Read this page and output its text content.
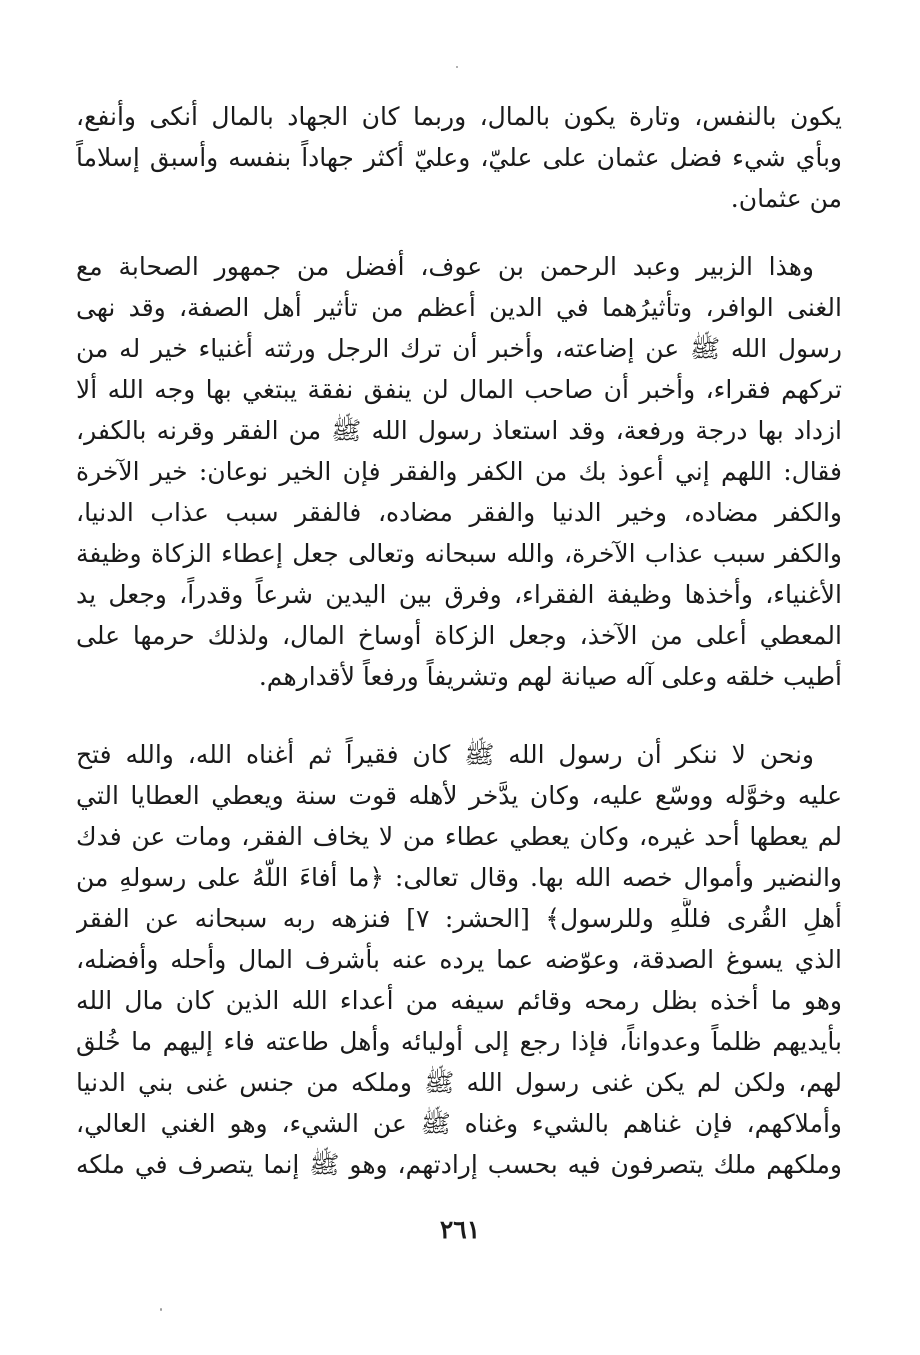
يكون بالنفس، وتارة يكون بالمال، وربما كان الجهاد بالمال أنكى وأنفع،
وبأي شيء فضل عثمان على عليّ، وعليّ أكثر جهاداً بنفسه وأسبق إسلاماً
من عثمان.
وهذا الزبير وعبد الرحمن بن عوف، أفضل من جمهور الصحابة مع
الغنى الوافر، وتأثيرُهما في الدين أعظم من تأثير أهل الصفة، وقد نهى
رسول الله ﷺ عن إضاعته، وأخبر أن ترك الرجل ورثته أغنياء خير له من
تركهم فقراء، وأخبر أن صاحب المال لن ينفق نفقة يبتغي بها وجه الله ألا
ازداد بها درجة ورفعة، وقد استعاذ رسول الله ﷺ من الفقر وقرنه بالكفر،
فقال: اللهم إني أعوذ بك من الكفر والفقر فإن الخير نوعان: خير الآخرة
والكفر مضاده، وخير الدنيا والفقر مضاده، فالفقر سبب عذاب الدنيا،
والكفر سبب عذاب الآخرة، والله سبحانه وتعالى جعل إعطاء الزكاة وظيفة
الأغنياء، وأخذها وظيفة الفقراء، وفرق بين اليدين شرعاً وقدراً، وجعل يد
المعطي أعلى من الآخذ، وجعل الزكاة أوساخ المال، ولذلك حرمها على
أطيب خلقه وعلى آله صيانة لهم وتشريفاً ورفعاً لأقدارهم.
ونحن لا ننكر أن رسول الله ﷺ كان فقيراً ثم أغناه الله، والله فتح
عليه وخوَّله ووسّع عليه، وكان يدَّخر لأهله قوت سنة ويعطي العطايا التي
لم يعطها أحد غيره، وكان يعطي عطاء من لا يخاف الفقر، ومات عن فدك
والنضير وأموال خصه الله بها. وقال تعالى: ﴿ما أفاءَ اللّهُ على رسولهِ من
أهلِ القُرى فللَّهِ وللرسول﴾ [الحشر: ٧] فنزهه ربه سبحانه عن الفقر
الذي يسوغ الصدقة، وعوّضه عما يرده عنه بأشرف المال وأحله وأفضله،
وهو ما أخذه بظل رمحه وقائم سيفه من أعداء الله الذين كان مال الله
بأيديهم ظلماً وعدواناً، فإذا رجع إلى أوليائه وأهل طاعته فاء إليهم ما خُلق
لهم، ولكن لم يكن غنى رسول الله ﷺ وملكه من جنس غنى بني الدنيا
وأملاكهم، فإن غناهم بالشيء وغناه ﷺ عن الشيء، وهو الغني العالي،
وملكهم ملك يتصرفون فيه بحسب إرادتهم، وهو ﷺ إنما يتصرف في ملكه
٢٦١
